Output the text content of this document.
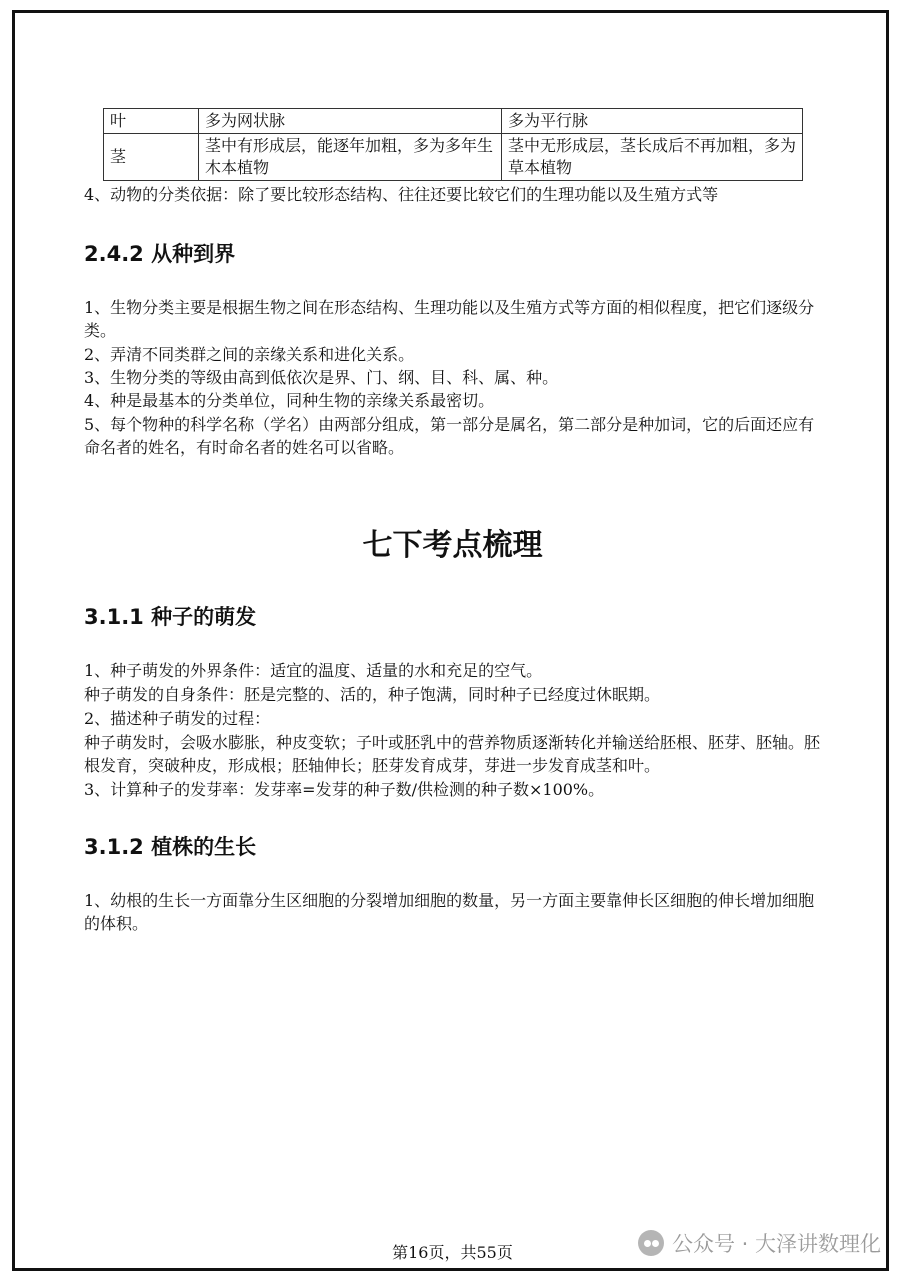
叶	多为网状脉	多为平行脉
茎	茎中有形成层，能逐年加粗，多为多年生木本植物	茎中无形成层，茎长成后不再加粗，多为草本植物

4、动物的分类依据：除了要比较形态结构、往往还要比较它们的生理功能以及生殖方式等

2.4.2 从种到界

1、生物分类主要是根据生物之间在形态结构、生理功能以及生殖方式等方面的相似程度，把它们逐级分类。

2、弄清不同类群之间的亲缘关系和进化关系。

3、生物分类的等级由高到低依次是界、门、纲、目、科、属、种。

4、种是最基本的分类单位，同种生物的亲缘关系最密切。

5、每个物种的科学名称（学名）由两部分组成，第一部分是属名，第二部分是种加词，它的后面还应有命名者的姓名，有时命名者的姓名可以省略。

七下考点梳理
3.1.1 种子的萌发

1、种子萌发的外界条件：适宜的温度、适量的水和充足的空气。

种子萌发的自身条件：胚是完整的、活的，种子饱满，同时种子已经度过休眠期。

2、描述种子萌发的过程：

种子萌发时，会吸水膨胀，种皮变软；子叶或胚乳中的营养物质逐渐转化并输送给胚根、胚芽、胚轴。胚根发育，突破种皮，形成根；胚轴伸长；胚芽发育成芽，芽进一步发育成茎和叶。

3、计算种子的发芽率：发芽率=发芽的种子数/供检测的种子数×100%。

3.1.2 植株的生长

1、幼根的生长一方面靠分生区细胞的分裂增加细胞的数量，另一方面主要靠伸长区细胞的伸长增加细胞的体积。

公众号 · 大泽讲数理化
第16页，共55页
